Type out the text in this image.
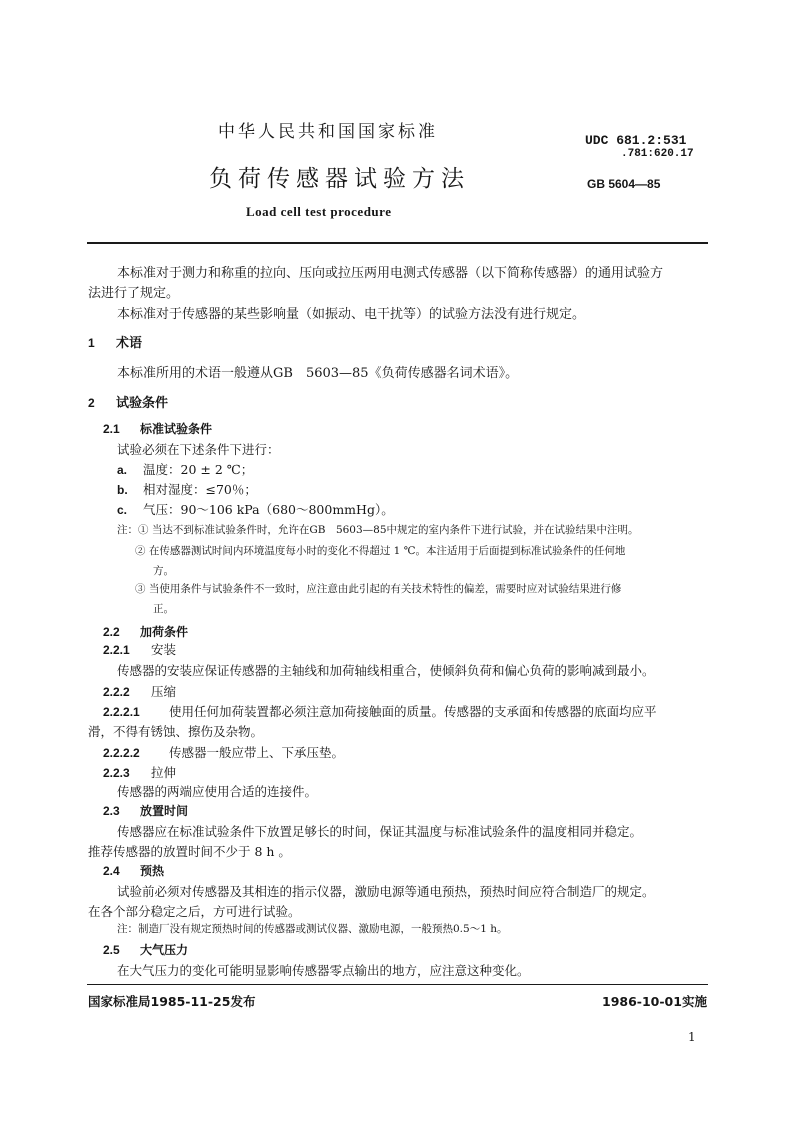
中华人民共和国国家标准	UDC 681.2:531
.781:620.17
负荷传感器试验方法	GB 5604—85
Load cell test procedure
本标准对于测力和称重的拉向、压向或拉压两用电测式传感器（以下简称传感器）的通用试验方
法进行了规定。
本标准对于传感器的某些影响量（如振动、电干扰等）的试验方法没有进行规定。
1 术语
本标准所用的术语一般遵从GB　5603—85《负荷传感器名词术语》。
2 试验条件
2.1 标准试验条件
试验必须在下述条件下进行：
a. 温度：20 ± 2 ℃；
b. 相对湿度：≤70％；
c. 气压：90～106 kPa（680～800mmHg）。
注：① 当达不到标准试验条件时，允许在GB　5603—85中规定的室内条件下进行试验，并在试验结果中注明。
② 在传感器测试时间内环境温度每小时的变化不得超过 1 ℃。本注适用于后面提到标准试验条件的任何地
方。
③ 当使用条件与试验条件不一致时，应注意由此引起的有关技术特性的偏差，需要时应对试验结果进行修
正。
2.2 加荷条件
2.2.1 安装
传感器的安装应保证传感器的主轴线和加荷轴线相重合，使倾斜负荷和偏心负荷的影响减到最小。
2.2.2 压缩
2.2.2.1 使用任何加荷装置都必须注意加荷接触面的质量。传感器的支承面和传感器的底面均应平
滑，不得有锈蚀、擦伤及杂物。
2.2.2.2 传感器一般应带上、下承压垫。
2.2.3 拉伸
传感器的两端应使用合适的连接件。
2.3 放置时间
传感器应在标准试验条件下放置足够长的时间，保证其温度与标准试验条件的温度相同并稳定。
推荐传感器的放置时间不少于 8 h 。
2.4 预热
试验前必须对传感器及其相连的指示仪器，激励电源等通电预热，预热时间应符合制造厂的规定。
在各个部分稳定之后，方可进行试验。
注：制造厂没有规定预热时间的传感器或测试仪器、激励电源，一般预热0.5～1 h。
2.5 大气压力
在大气压力的变化可能明显影响传感器零点输出的地方，应注意这种变化。
国家标准局1985-11-25发布	1986-10-01实施
1
